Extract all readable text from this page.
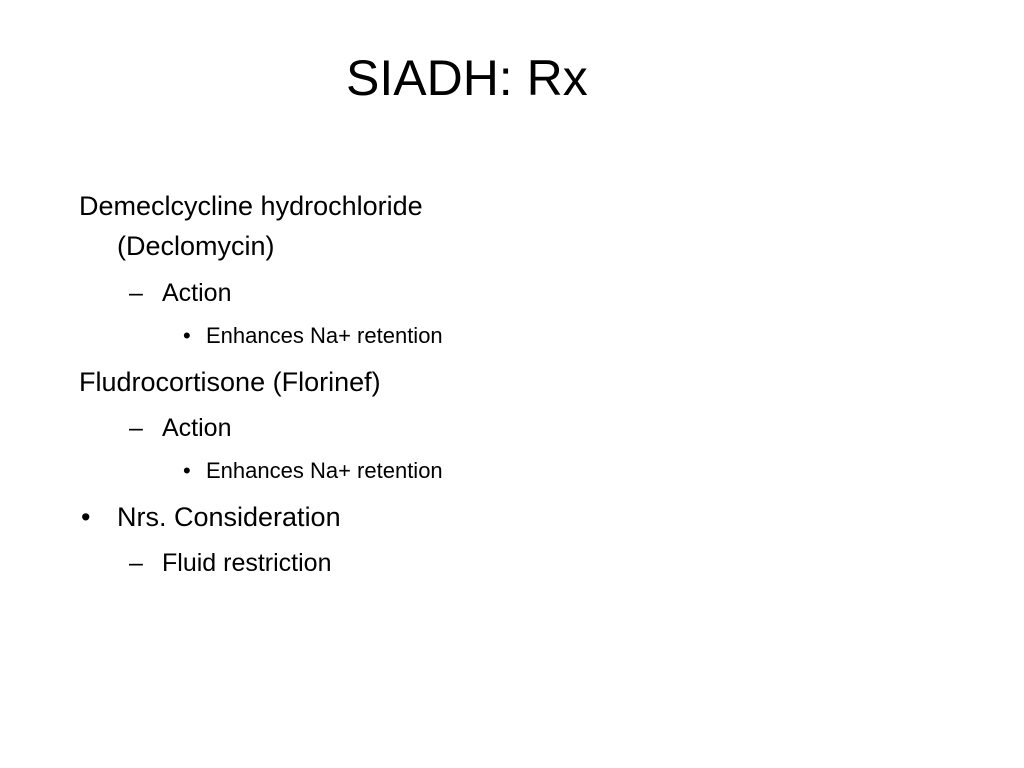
SIADH: Rx
Demeclcycline hydrochloride
(Declomycin)
– Action
• Enhances Na+ retention
Fludrocortisone (Florinef)
– Action
• Enhances Na+ retention
• Nrs. Consideration
– Fluid restriction
